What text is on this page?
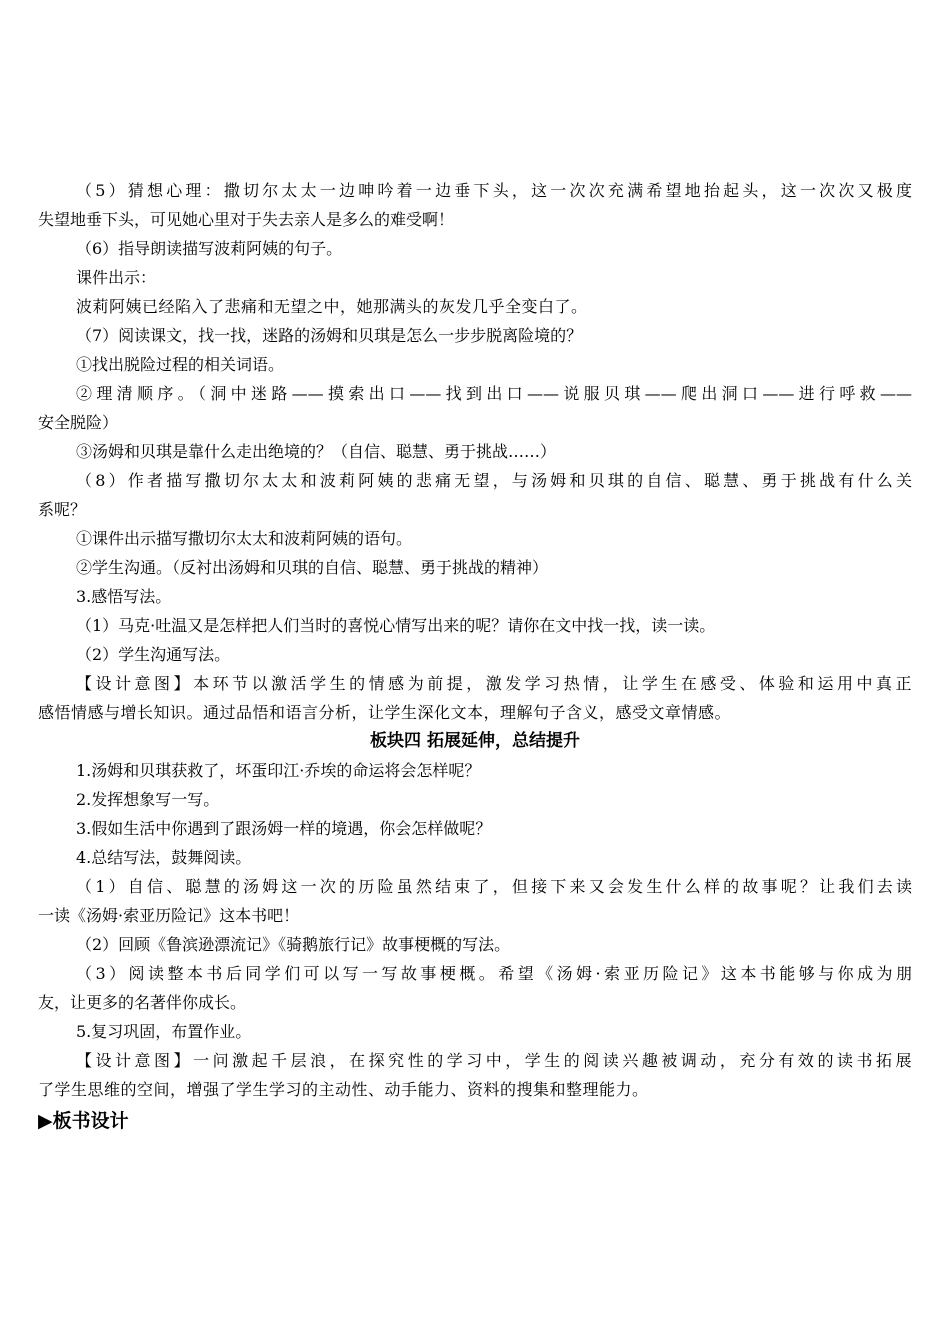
（5）猜想心理：撒切尔太太一边呻吟着一边垂下头，这一次次充满希望地抬起头，这一次次又极度
失望地垂下头，可见她心里对于失去亲人是多么的难受啊！
（6）指导朗读描写波莉阿姨的句子。
课件出示：
波莉阿姨已经陷入了悲痛和无望之中，她那满头的灰发几乎全变白了。
（7）阅读课文，找一找，迷路的汤姆和贝琪是怎么一步步脱离险境的？
①找出脱险过程的相关词语。
②理清顺序。（洞中迷路——摸索出口——找到出口——说服贝琪——爬出洞口——进行呼救——
安全脱险）
③汤姆和贝琪是靠什么走出绝境的？（自信、聪慧、勇于挑战……）
（8）作者描写撒切尔太太和波莉阿姨的悲痛无望，与汤姆和贝琪的自信、聪慧、勇于挑战有什么关
系呢？
①课件出示描写撒切尔太太和波莉阿姨的语句。
②学生沟通。（反衬出汤姆和贝琪的自信、聪慧、勇于挑战的精神）
3.感悟写法。
（1）马克·吐温又是怎样把人们当时的喜悦心情写出来的呢？请你在文中找一找，读一读。
（2）学生沟通写法。
【设计意图】本环节以激活学生的情感为前提，激发学习热情，让学生在感受、体验和运用中真正
感悟情感与增长知识。通过品悟和语言分析，让学生深化文本，理解句子含义，感受文章情感。
板块四 拓展延伸，总结提升
1.汤姆和贝琪获救了，坏蛋印江·乔埃的命运将会怎样呢？
2.发挥想象写一写。
3.假如生活中你遇到了跟汤姆一样的境遇，你会怎样做呢？
4.总结写法，鼓舞阅读。
（1）自信、聪慧的汤姆这一次的历险虽然结束了，但接下来又会发生什么样的故事呢？让我们去读
一读《汤姆·索亚历险记》这本书吧！
（2）回顾《鲁滨逊漂流记》《骑鹅旅行记》故事梗概的写法。
（3）阅读整本书后同学们可以写一写故事梗概。希望《汤姆·索亚历险记》这本书能够与你成为朋
友，让更多的名著伴你成长。
5.复习巩固，布置作业。
【设计意图】一问激起千层浪，在探究性的学习中，学生的阅读兴趣被调动，充分有效的读书拓展
了学生思维的空间，增强了学生学习的主动性、动手能力、资料的搜集和整理能力。
▶板书设计
